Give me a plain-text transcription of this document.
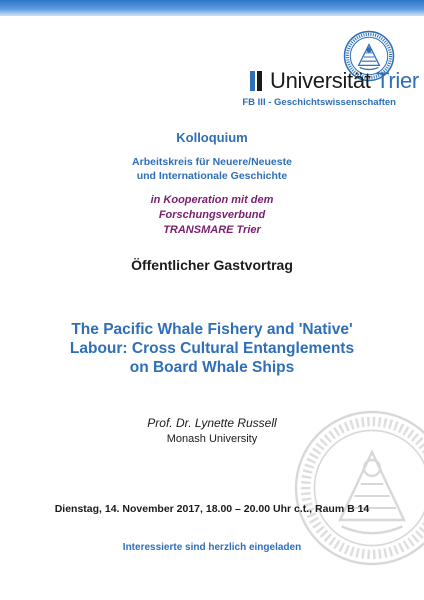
Universität Trier
FB III - Geschichtswissenschaften
Kolloquium
Arbeitskreis für Neuere/Neueste
und Internationale Geschichte
in Kooperation mit dem
Forschungsverbund
TRANSMARE Trier
Öffentlicher Gastvortrag
The Pacific Whale Fishery and 'Native'
Labour: Cross Cultural Entanglements
on Board Whale Ships
Prof. Dr. Lynette Russell
Monash University
Dienstag, 14. November 2017, 18.00 – 20.00 Uhr c.t., Raum B 14
Interessierte sind herzlich eingeladen
